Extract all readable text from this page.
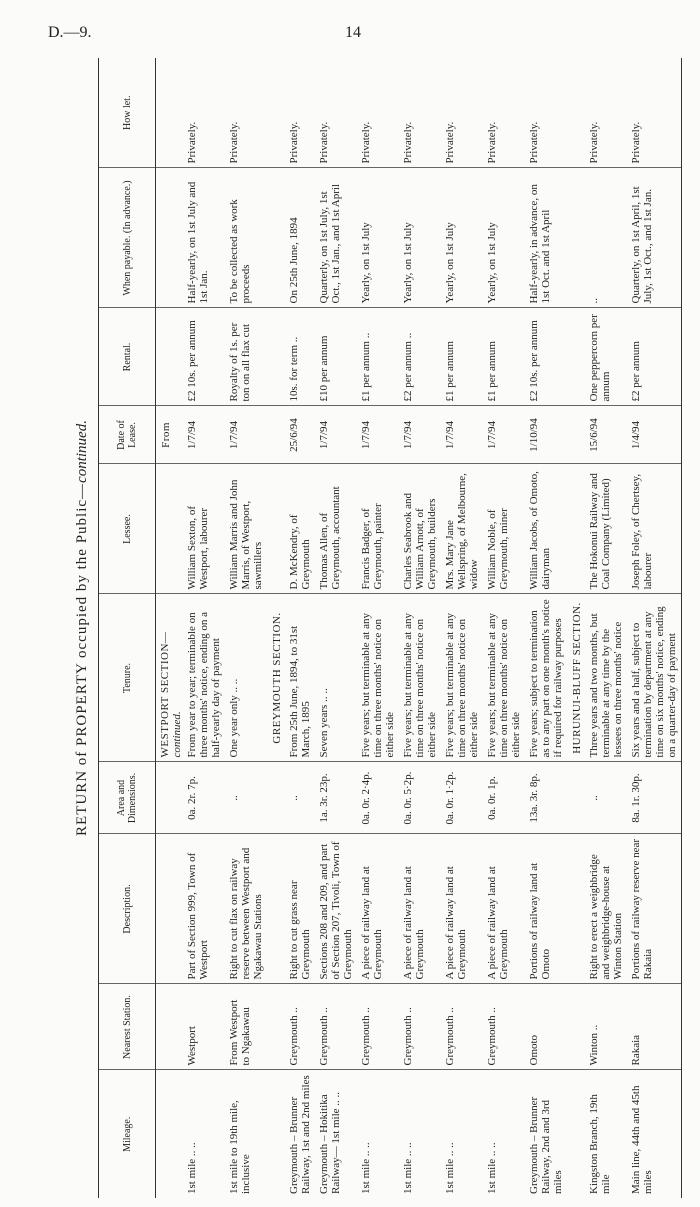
D.—9.	14
RETURN of PROPERTY occupied by the Public—continued.
Mileage.	Nearest Station.	Description.	Area and Dimensions.	Tenure.	Lessee.	Date of Lease.	Rental.	When payable. (In advance.)	How let.
				WESTPORT SECTION—continued.		From			
1st mile .. ..	Westport	Part of Section 999, Town of Westport	0a. 2r. 7p.	From year to year; terminable on three months' notice, ending on a half-yearly day of payment	William Sexton, of Westport, labourer	1/7/94	£2 10s. per annum	Half-yearly, on 1st July and 1st Jan.	Privately.
1st mile to 19th mile, inclusive	From Westport to Ngakawau	Right to cut flax on railway reserve between Westport and Ngakawau Stations	..	One year only .. ..	William Marris and John Marris, of Westport, sawmillers	1/7/94	Royalty of 1s. per ton on all flax cut	To be collected as work proceeds	Privately.
				GREYMOUTH SECTION.					
Greymouth – Brunner Railway, 1st and 2nd miles	Greymouth ..	Right to cut grass near Greymouth	..	From 25th June, 1894, to 31st March, 1895	D. McKendry, of Greymouth	25/6/94	10s. for term ..	On 25th June, 1894	Privately.
Greymouth – Hokitika Railway— 1st mile .. ..	Greymouth ..	Sections 208 and 209, and part of Section 207, Tivoli, Town of Greymouth	1a. 3r. 23p.	Seven years .. ..	Thomas Allen, of Greymouth, accountant	1/7/94	£10 per annum	Quarterly, on 1st July, 1st Oct., 1st Jan., and 1st April	Privately.
1st mile .. ..	Greymouth ..	A piece of railway land at Greymouth	0a. 0r. 2·4p.	Five years; but terminable at any time on three months' notice on either side	Francis Badger, of Greymouth, painter	1/7/94	£1 per annum ..	Yearly, on 1st July	Privately.
1st mile .. ..	Greymouth ..	A piece of railway land at Greymouth	0a. 0r. 5·2p.	Five years; but terminable at any time on three months' notice on either side	Charles Seabrook and William Arnott, of Greymouth, builders	1/7/94	£2 per annum ..	Yearly, on 1st July	Privately.
1st mile .. ..	Greymouth ..	A piece of railway land at Greymouth	0a. 0r. 1·2p.	Five years; but terminable at any time on three months' notice on either side	Mrs. Mary Jane Wellspring, of Melbourne, widow	1/7/94	£1 per annum	Yearly, on 1st July	Privately.
1st mile .. ..	Greymouth ..	A piece of railway land at Greymouth	0a. 0r. 1p.	Five years; but terminable at any time on three months' notice on either side	William Noble, of Greymouth, miner	1/7/94	£1 per annum	Yearly, on 1st July	Privately.
Greymouth – Brunner Railway, 2nd and 3rd miles	Omoto	Portions of railway land at Omoto	13a. 3r. 8p.	Five years; subject to termination as to any part on one month's notice if required for railway purposes	William Jacobs, of Omoto, dairyman	1/10/94	£2 10s. per annum	Half-yearly, in advance, on 1st Oct. and 1st April	Privately.
				HURUNUI-BLUFF SECTION.					
Kingston Branch, 19th mile	Winton ..	Right to erect a weighbridge and weighbridge-house at Winton Station	..	Three years and two months, but terminable at any time by the lessees on three months' notice	The Hokonui Railway and Coal Company (Limited)	15/6/94	One peppercorn per annum	..	Privately.
Main line, 44th and 45th miles	Rakaia	Portions of railway reserve near Rakaia	8a. 1r. 30p.	Six years and a half, subject to termination by department at any time on six months' notice, ending on a quarter-day of payment	Joseph Foley, of Chertsey, labourer	1/4/94	£2 per annum	Quarterly, on 1st April, 1st July, 1st Oct., and 1st Jan.	Privately.
